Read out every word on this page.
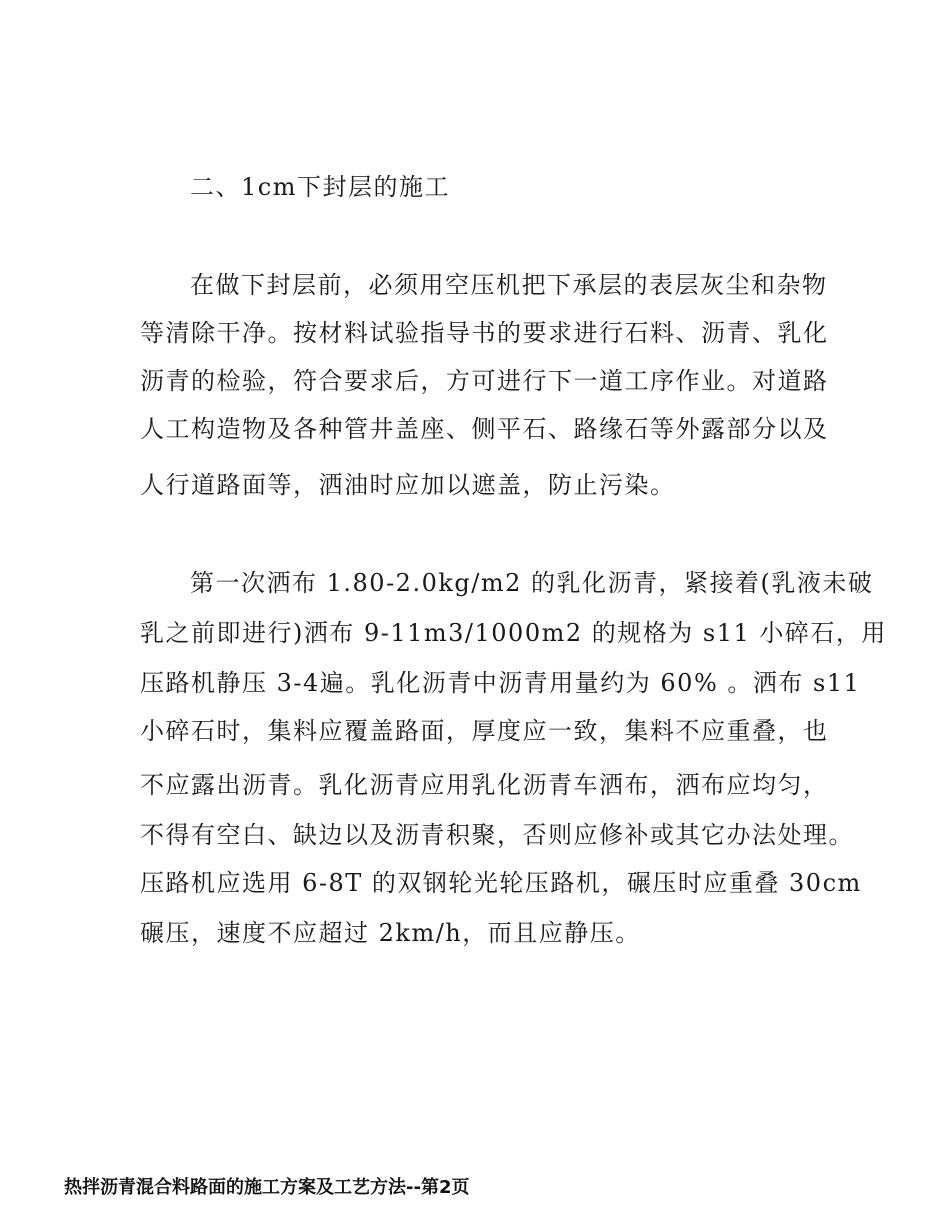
二、1cm下封层的施工
在做下封层前，必须用空压机把下承层的表层灰尘和杂物
等清除干净。按材料试验指导书的要求进行石料、沥青、乳化
沥青的检验，符合要求后，方可进行下一道工序作业。对道路
人工构造物及各种管井盖座、侧平石、路缘石等外露部分以及
人行道路面等，洒油时应加以遮盖，防止污染。
第一次洒布 1.80-2.0kg/m2 的乳化沥青，紧接着(乳液未破
乳之前即进行)洒布 9-11m3/1000m2 的规格为 s11 小碎石，用
压路机静压 3-4遍。乳化沥青中沥青用量约为 60% 。洒布 s11
小碎石时，集料应覆盖路面，厚度应一致，集料不应重叠，也
不应露出沥青。乳化沥青应用乳化沥青车洒布，洒布应均匀，
不得有空白、缺边以及沥青积聚，否则应修补或其它办法处理。
压路机应选用 6-8T 的双钢轮光轮压路机，碾压时应重叠 30cm
碾压，速度不应超过 2km/h，而且应静压。
热拌沥青混合料路面的施工方案及工艺方法--第2页
